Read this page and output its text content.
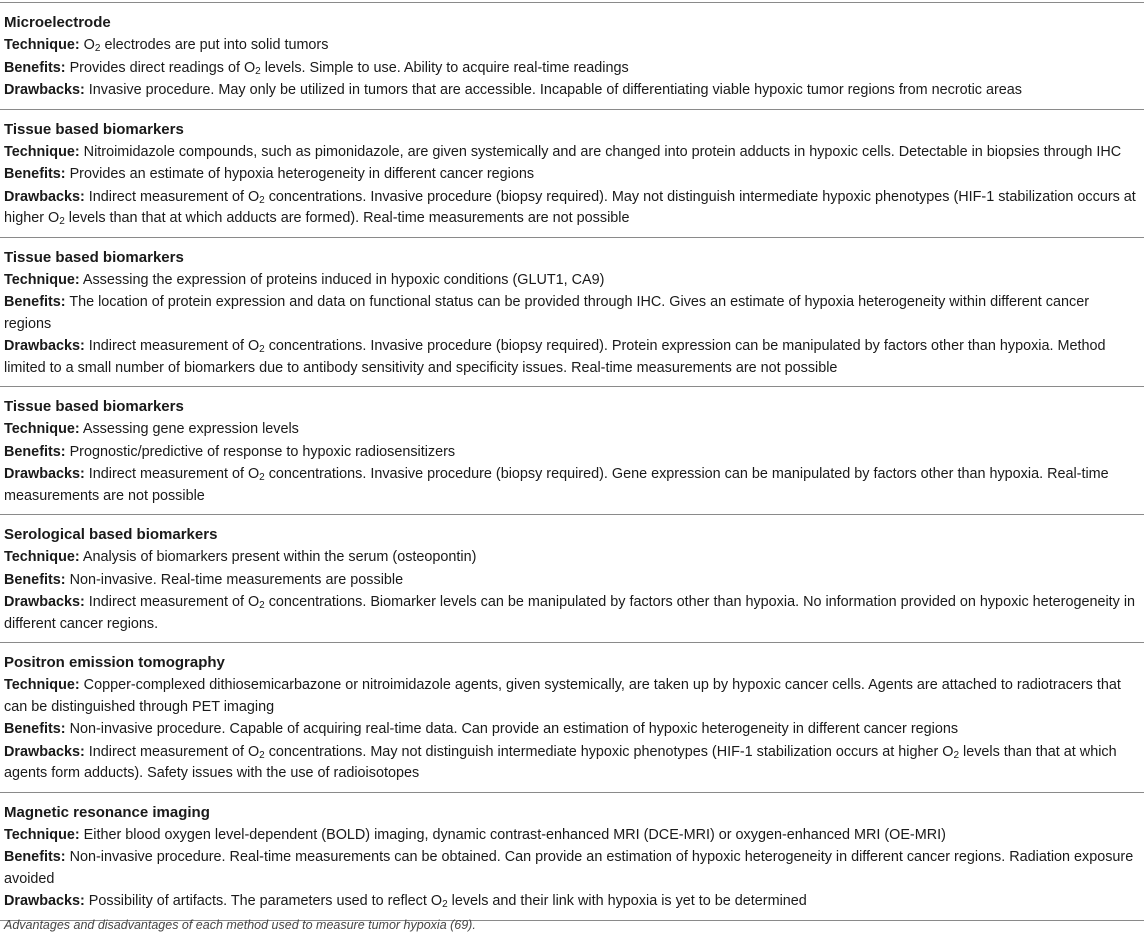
Microelectrode
Technique: $O_2$ electrodes are put into solid tumors
Benefits: Provides direct readings of $O_2$ levels. Simple to use. Ability to acquire real-time readings
Drawbacks: Invasive procedure. May only be utilized in tumors that are accessible. Incapable of differentiating viable hypoxic tumor regions from necrotic areas
Tissue based biomarkers
Technique: Nitroimidazole compounds, such as pimonidazole, are given systemically and are changed into protein adducts in hypoxic cells. Detectable in biopsies through IHC
Benefits: Provides an estimate of hypoxia heterogeneity in different cancer regions
Drawbacks: Indirect measurement of $O_2$ concentrations. Invasive procedure (biopsy required). May not distinguish intermediate hypoxic phenotypes (HIF-1 stabilization occurs at higher $O_2$ levels than that at which adducts are formed). Real-time measurements are not possible
Tissue based biomarkers
Technique: Assessing the expression of proteins induced in hypoxic conditions (GLUT1, CA9)
Benefits: The location of protein expression and data on functional status can be provided through IHC. Gives an estimate of hypoxia heterogeneity within different cancer regions
Drawbacks: Indirect measurement of $O_2$ concentrations. Invasive procedure (biopsy required). Protein expression can be manipulated by factors other than hypoxia. Method limited to a small number of biomarkers due to antibody sensitivity and specificity issues. Real-time measurements are not possible
Tissue based biomarkers
Technique: Assessing gene expression levels
Benefits: Prognostic/predictive of response to hypoxic radiosensitizers
Drawbacks: Indirect measurement of $O_2$ concentrations. Invasive procedure (biopsy required). Gene expression can be manipulated by factors other than hypoxia. Real-time measurements are not possible
Serological based biomarkers
Technique: Analysis of biomarkers present within the serum (osteopontin)
Benefits: Non-invasive. Real-time measurements are possible
Drawbacks: Indirect measurement of $O_2$ concentrations. Biomarker levels can be manipulated by factors other than hypoxia. No information provided on hypoxic heterogeneity in different cancer regions.
Positron emission tomography
Technique: Copper-complexed dithiosemicarbazone or nitroimidazole agents, given systemically, are taken up by hypoxic cancer cells. Agents are attached to radiotracers that can be distinguished through PET imaging
Benefits: Non-invasive procedure. Capable of acquiring real-time data. Can provide an estimation of hypoxic heterogeneity in different cancer regions
Drawbacks: Indirect measurement of $O_2$ concentrations. May not distinguish intermediate hypoxic phenotypes (HIF-1 stabilization occurs at higher $O_2$ levels than that at which agents form adducts). Safety issues with the use of radioisotopes
Magnetic resonance imaging
Technique: Either blood oxygen level-dependent (BOLD) imaging, dynamic contrast-enhanced MRI (DCE-MRI) or oxygen-enhanced MRI (OE-MRI)
Benefits: Non-invasive procedure. Real-time measurements can be obtained. Can provide an estimation of hypoxic heterogeneity in different cancer regions. Radiation exposure avoided
Drawbacks: Possibility of artifacts. The parameters used to reflect $O_2$ levels and their link with hypoxia is yet to be determined
Advantages and disadvantages of each method used to measure tumor hypoxia (69).
